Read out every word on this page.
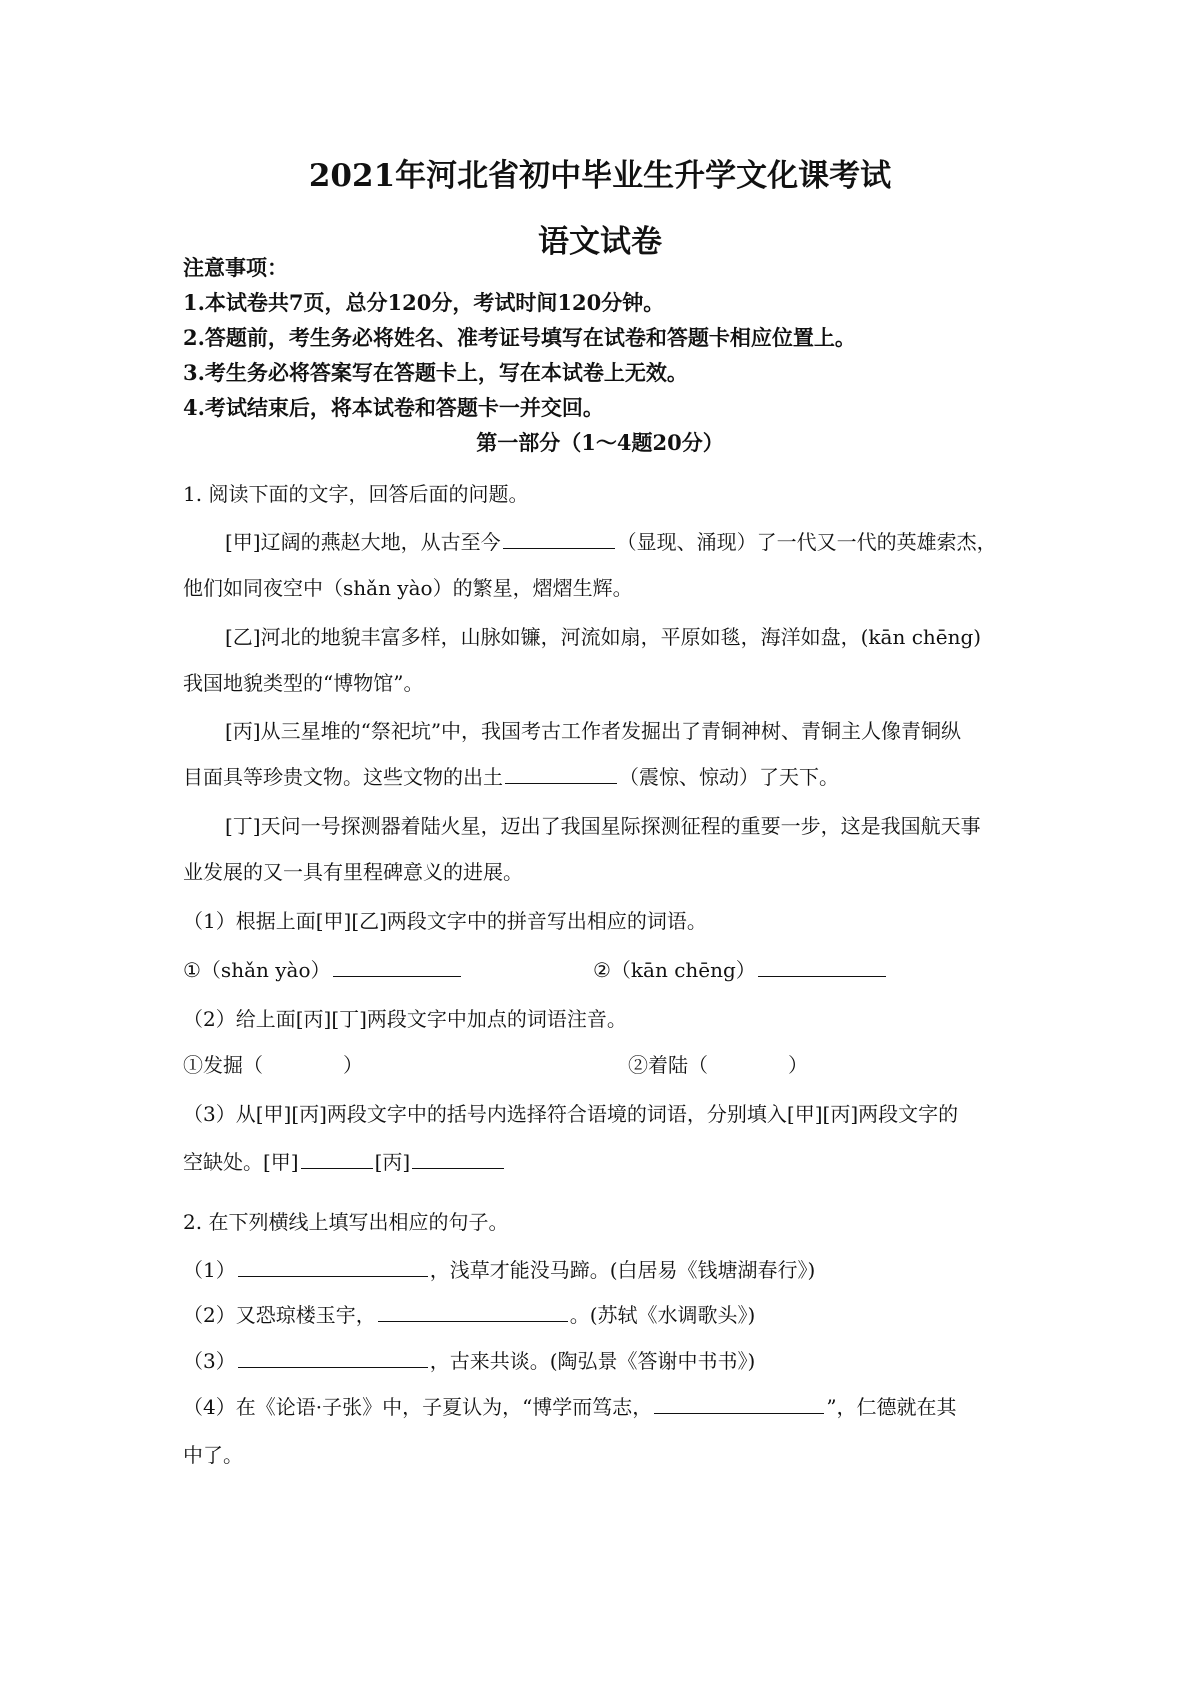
2021年河北省初中毕业生升学文化课考试
语文试卷
注意事项：
1.本试卷共7页，总分120分，考试时间120分钟。
2.答题前，考生务必将姓名、准考证号填写在试卷和答题卡相应位置上。
3.考生务必将答案写在答题卡上，写在本试卷上无效。
4.考试结束后，将本试卷和答题卡一并交回。
第一部分（1～4题20分）
1. 阅读下面的文字，回答后面的问题。
[甲]辽阔的燕赵大地，从古至今	（显现、涌现）了一代又一代的英雄索杰，
他们如同夜空中（shǎn yào）的繁星，熠熠生辉。
[乙]河北的地貌丰富多样，山脉如镰，河流如扇，平原如毯，海洋如盘，(kān chēng)
我国地貌类型的“博物馆”。
[丙]从三星堆的“祭祀坑”中，我国考古工作者发掘出了青铜神树、青铜主人像青铜纵
目面具等珍贵文物。这些文物的出土	（震惊、惊动）了天下。
[丁]天问一号探测器着陆火星，迈出了我国星际探测征程的重要一步，这是我国航天事
业发展的又一具有里程碑意义的进展。
（1）根据上面[甲][乙]两段文字中的拼音写出相应的词语。
①（shǎn yào）	②（kān chēng）
（2）给上面[丙][丁]两段文字中加点的词语注音。
①发掘（	）	②着陆（	）
（3）从[甲][丙]两段文字中的括号内选择符合语境的词语，分别填入[甲][丙]两段文字的
空缺处。[甲]	[丙]
2. 在下列横线上填写出相应的句子。
（1）	，浅草才能没马蹄。(白居易《钱塘湖春行》)
（2）又恐琼楼玉宇，	。(苏轼《水调歌头》)
（3）	，古来共谈。(陶弘景《答谢中书书》)
（4）在《论语·子张》中，子夏认为，“博学而笃志，	”，仁德就在其
中了。
